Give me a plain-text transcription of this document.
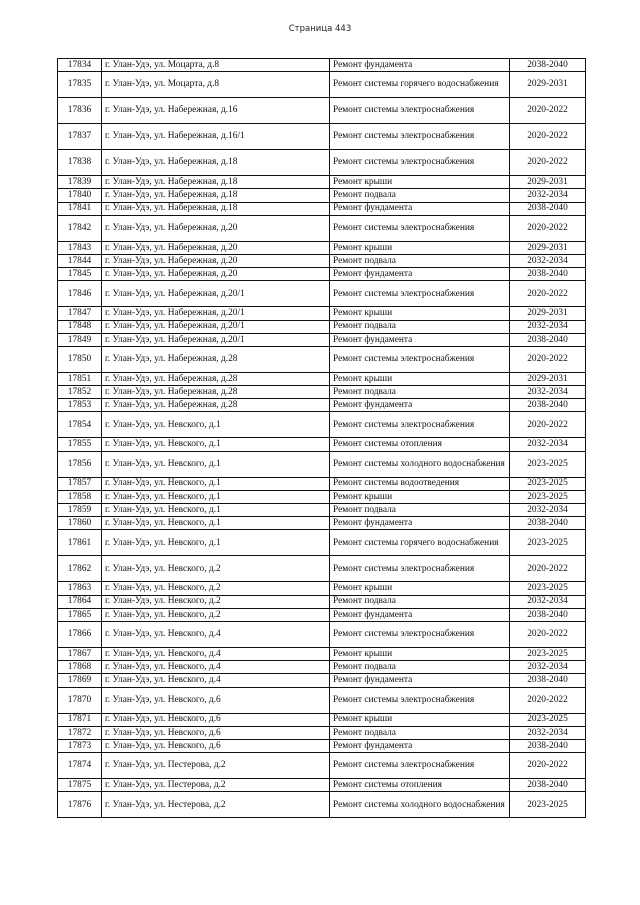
Страница 443
17834	г. Улан-Удэ, ул. Моцарта, д.8	Ремонт фундамента	2038-2040
17835	г. Улан-Удэ, ул. Моцарта, д.8	Ремонт системы горячего водоснабжения	2029-2031
17836	г. Улан-Удэ, ул. Набережная, д.16	Ремонт системы электроснабжения	2020-2022
17837	г. Улан-Удэ, ул. Набережная, д.16/1	Ремонт системы электроснабжения	2020-2022
17838	г. Улан-Удэ, ул. Набережная, д.18	Ремонт системы электроснабжения	2020-2022
17839	г. Улан-Удэ, ул. Набережная, д.18	Ремонт крыши	2029-2031
17840	г. Улан-Удэ, ул. Набережная, д.18	Ремонт подвала	2032-2034
17841	г. Улан-Удэ, ул. Набережная, д.18	Ремонт фундамента	2038-2040
17842	г. Улан-Удэ, ул. Набережная, д.20	Ремонт системы электроснабжения	2020-2022
17843	г. Улан-Удэ, ул. Набережная, д.20	Ремонт крыши	2029-2031
17844	г. Улан-Удэ, ул. Набережная, д.20	Ремонт подвала	2032-2034
17845	г. Улан-Удэ, ул. Набережная, д.20	Ремонт фундамента	2038-2040
17846	г. Улан-Удэ, ул. Набережная, д.20/1	Ремонт системы электроснабжения	2020-2022
17847	г. Улан-Удэ, ул. Набережная, д.20/1	Ремонт крыши	2029-2031
17848	г. Улан-Удэ, ул. Набережная, д.20/1	Ремонт подвала	2032-2034
17849	г. Улан-Удэ, ул. Набережная, д.20/1	Ремонт фундамента	2038-2040
17850	г. Улан-Удэ, ул. Набережная, д.28	Ремонт системы электроснабжения	2020-2022
17851	г. Улан-Удэ, ул. Набережная, д.28	Ремонт крыши	2029-2031
17852	г. Улан-Удэ, ул. Набережная, д.28	Ремонт подвала	2032-2034
17853	г. Улан-Удэ, ул. Набережная, д.28	Ремонт фундамента	2038-2040
17854	г. Улан-Удэ, ул. Невского, д.1	Ремонт системы электроснабжения	2020-2022
17855	г. Улан-Удэ, ул. Невского, д.1	Ремонт системы отопления	2032-2034
17856	г. Улан-Удэ, ул. Невского, д.1	Ремонт системы холодного водоснабжения	2023-2025
17857	г. Улан-Удэ, ул. Невского, д.1	Ремонт системы водоотведения	2023-2025
17858	г. Улан-Удэ, ул. Невского, д.1	Ремонт крыши	2023-2025
17859	г. Улан-Удэ, ул. Невского, д.1	Ремонт подвала	2032-2034
17860	г. Улан-Удэ, ул. Невского, д.1	Ремонт фундамента	2038-2040
17861	г. Улан-Удэ, ул. Невского, д.1	Ремонт системы горячего водоснабжения	2023-2025
17862	г. Улан-Удэ, ул. Невского, д.2	Ремонт системы электроснабжения	2020-2022
17863	г. Улан-Удэ, ул. Невского, д.2	Ремонт крыши	2023-2025
17864	г. Улан-Удэ, ул. Невского, д.2	Ремонт подвала	2032-2034
17865	г. Улан-Удэ, ул. Невского, д.2	Ремонт фундамента	2038-2040
17866	г. Улан-Удэ, ул. Невского, д.4	Ремонт системы электроснабжения	2020-2022
17867	г. Улан-Удэ, ул. Невского, д.4	Ремонт крыши	2023-2025
17868	г. Улан-Удэ, ул. Невского, д.4	Ремонт подвала	2032-2034
17869	г. Улан-Удэ, ул. Невского, д.4	Ремонт фундамента	2038-2040
17870	г. Улан-Удэ, ул. Невского, д.6	Ремонт системы электроснабжения	2020-2022
17871	г. Улан-Удэ, ул. Невского, д.6	Ремонт крыши	2023-2025
17872	г. Улан-Удэ, ул. Невского, д.6	Ремонт подвала	2032-2034
17873	г. Улан-Удэ, ул. Невского, д.6	Ремонт фундамента	2038-2040
17874	г. Улан-Удэ, ул. Пестерова, д.2	Ремонт системы электроснабжения	2020-2022
17875	г. Улан-Удэ, ул. Пестерова, д.2	Ремонт системы отопления	2038-2040
17876	г. Улан-Удэ, ул. Нестерова, д.2	Ремонт системы холодного водоснабжения	2023-2025
